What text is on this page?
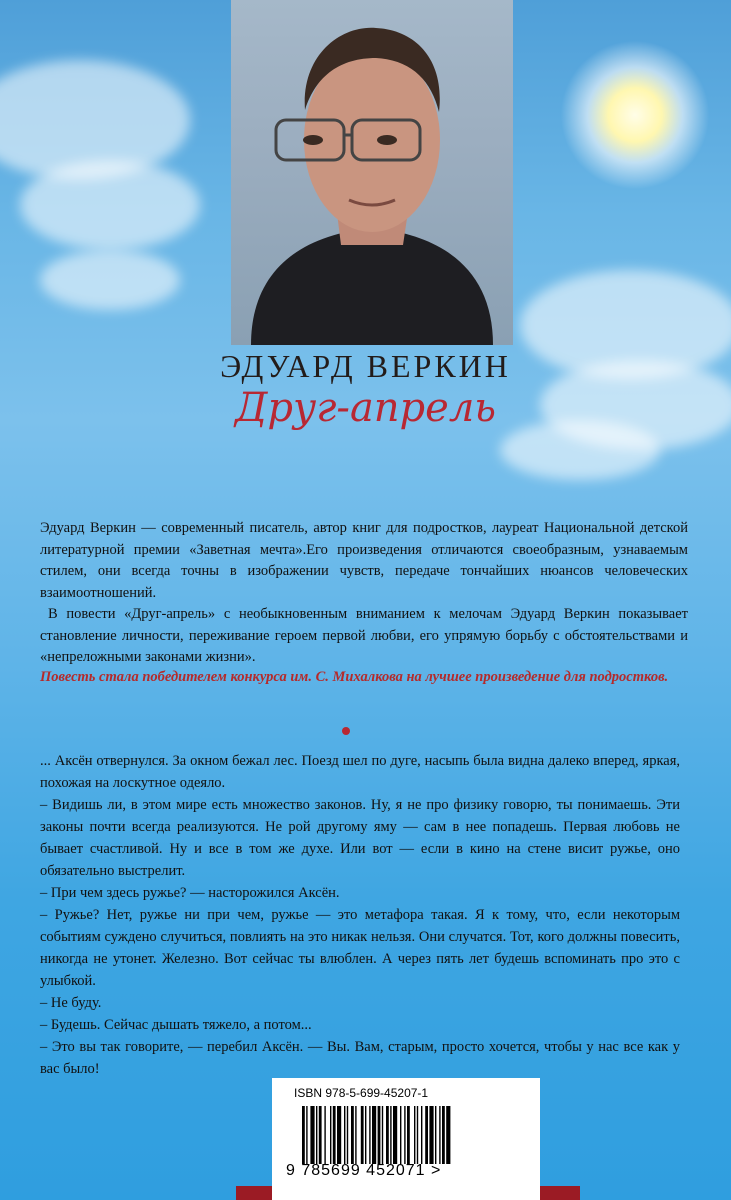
ЭДУАРД ВЕРКИН
Друг-апрель

Эдуард Веркин — современный писатель, автор книг для подростков, лауреат Национальной детской литературной премии «Заветная мечта».Его произведения отличаются своеобразным, узнаваемым стилем, они всегда точны в изображении чувств, передаче тончайших нюансов человеческих взаимоотношений.

В повести «Друг-апрель» с необыкновенным вниманием к мелочам Эдуард Веркин показывает становление личности, переживание героем первой любви, его упрямую борьбу с обстоятельствами и «непреложными законами жизни».

Повесть стала победителем конкурса им. С. Михалкова на лучшее произведение для подростков.

... Аксён отвернулся. За окном бежал лес. Поезд шел по дуге, насыпь была видна далеко вперед, яркая, похожая на лоскутное одеяло.

– Видишь ли, в этом мире есть множество законов. Ну, я не про физику говорю, ты понимаешь. Эти законы почти всегда реализуются. Не рой другому яму — сам в нее попадешь. Первая любовь не бывает счастливой. Ну и все в том же духе. Или вот — если в кино на стене висит ружье, оно обязательно выстрелит.

– При чем здесь ружье? — насторожился Аксён.

– Ружье? Нет, ружье ни при чем, ружье — это метафора такая. Я к тому, что, если некоторым событиям суждено случиться, повлиять на это никак нельзя. Они случатся. Тот, кого должны повесить, никогда не утонет. Железно. Вот сейчас ты влюблен. А через пять лет будешь вспоминать про это с улыбкой.

– Не буду.

– Будешь. Сейчас дышать тяжело, а потом...

– Это вы так говорите, — перебил Аксён. — Вы. Вам, старым, просто хочется, чтобы у нас все как у вас было!

ISBN 978-5-699-45207-1
9 785699 452071 >
